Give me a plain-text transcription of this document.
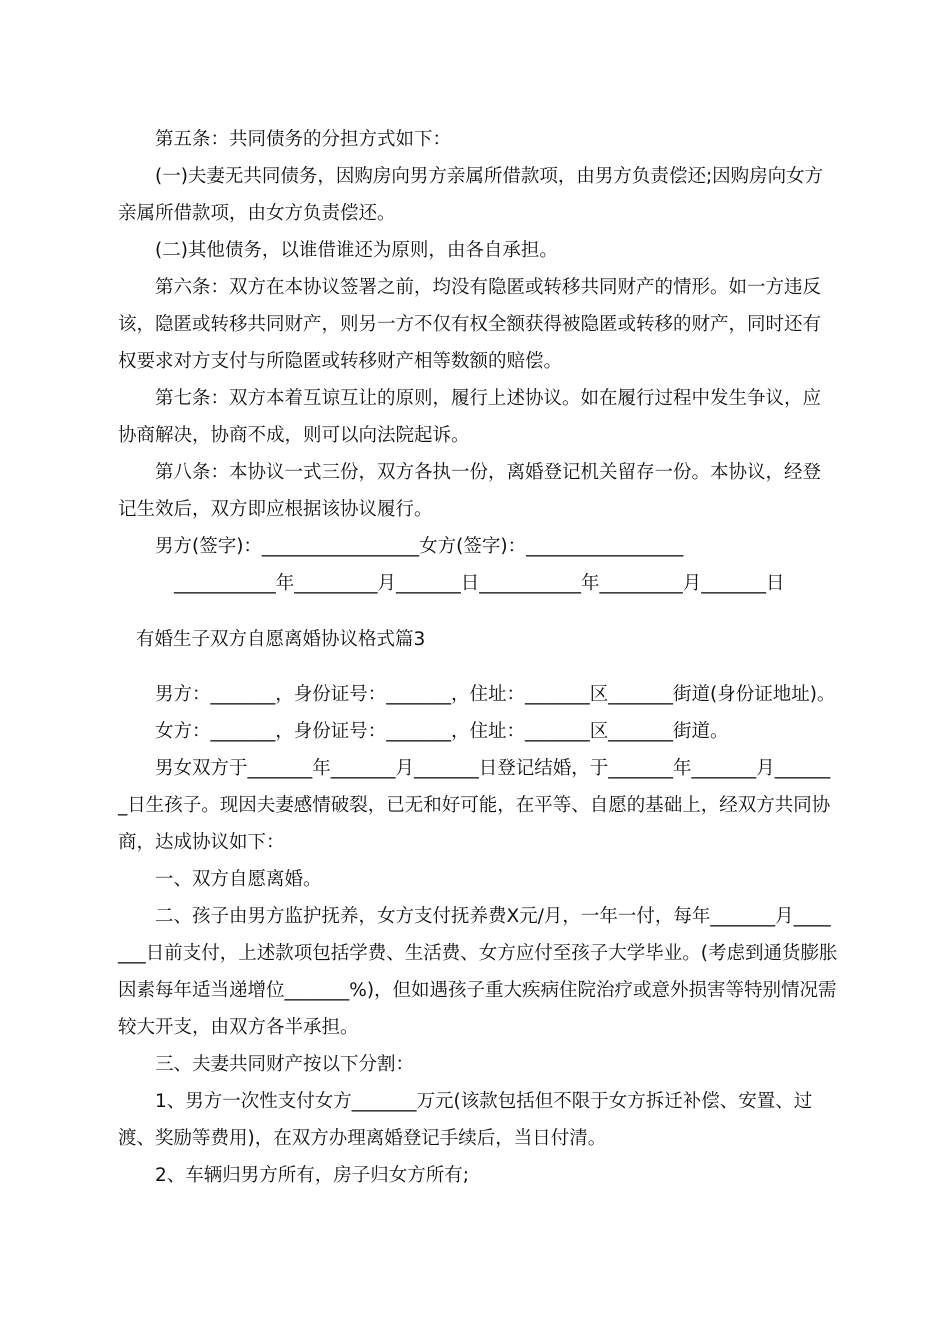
第五条：共同债务的分担方式如下：

(一)夫妻无共同债务，因购房向男方亲属所借款项，由男方负责偿还;因购房向女方亲属所借款项，由女方负责偿还。

(二)其他债务，以谁借谁还为原则，由各自承担。

第六条：双方在本协议签署之前，均没有隐匿或转移共同财产的情形。如一方违反该，隐匿或转移共同财产，则另一方不仅有权全额获得被隐匿或转移的财产，同时还有权要求对方支付与所隐匿或转移财产相等数额的赔偿。

第七条：双方本着互谅互让的原则，履行上述协议。如在履行过程中发生争议，应协商解决，协商不成，则可以向法院起诉。

第八条：本协议一式三份，双方各执一份，离婚登记机关留存一份。本协议，经登记生效后，双方即应根据该协议履行。

男方(签字)：_________________女方(签字)：_________________

___________年_________月_______日___________年_________月_______日

有婚生子双方自愿离婚协议格式篇3

男方：_______，身份证号：_______，住址：_______区_______街道(身份证地址)。

女方：_______，身份证号：_______，住址：_______区_______街道。

男女双方于_______年_______月_______日登记结婚，于_______年_______月_______日生孩子。现因夫妻感情破裂，已无和好可能，在平等、自愿的基础上，经双方共同协商，达成协议如下：

一、双方自愿离婚。

二、孩子由男方监护抚养，女方支付抚养费X元/月，一年一付，每年_______月_______日前支付，上述款项包括学费、生活费、女方应付至孩子大学毕业。(考虑到通货膨胀因素每年适当递增位_______%)，但如遇孩子重大疾病住院治疗或意外损害等特别情况需较大开支，由双方各半承担。

三、夫妻共同财产按以下分割：

1、男方一次性支付女方_______万元(该款包括但不限于女方拆迁补偿、安置、过渡、奖励等费用)，在双方办理离婚登记手续后，当日付清。

2、车辆归男方所有，房子归女方所有;
